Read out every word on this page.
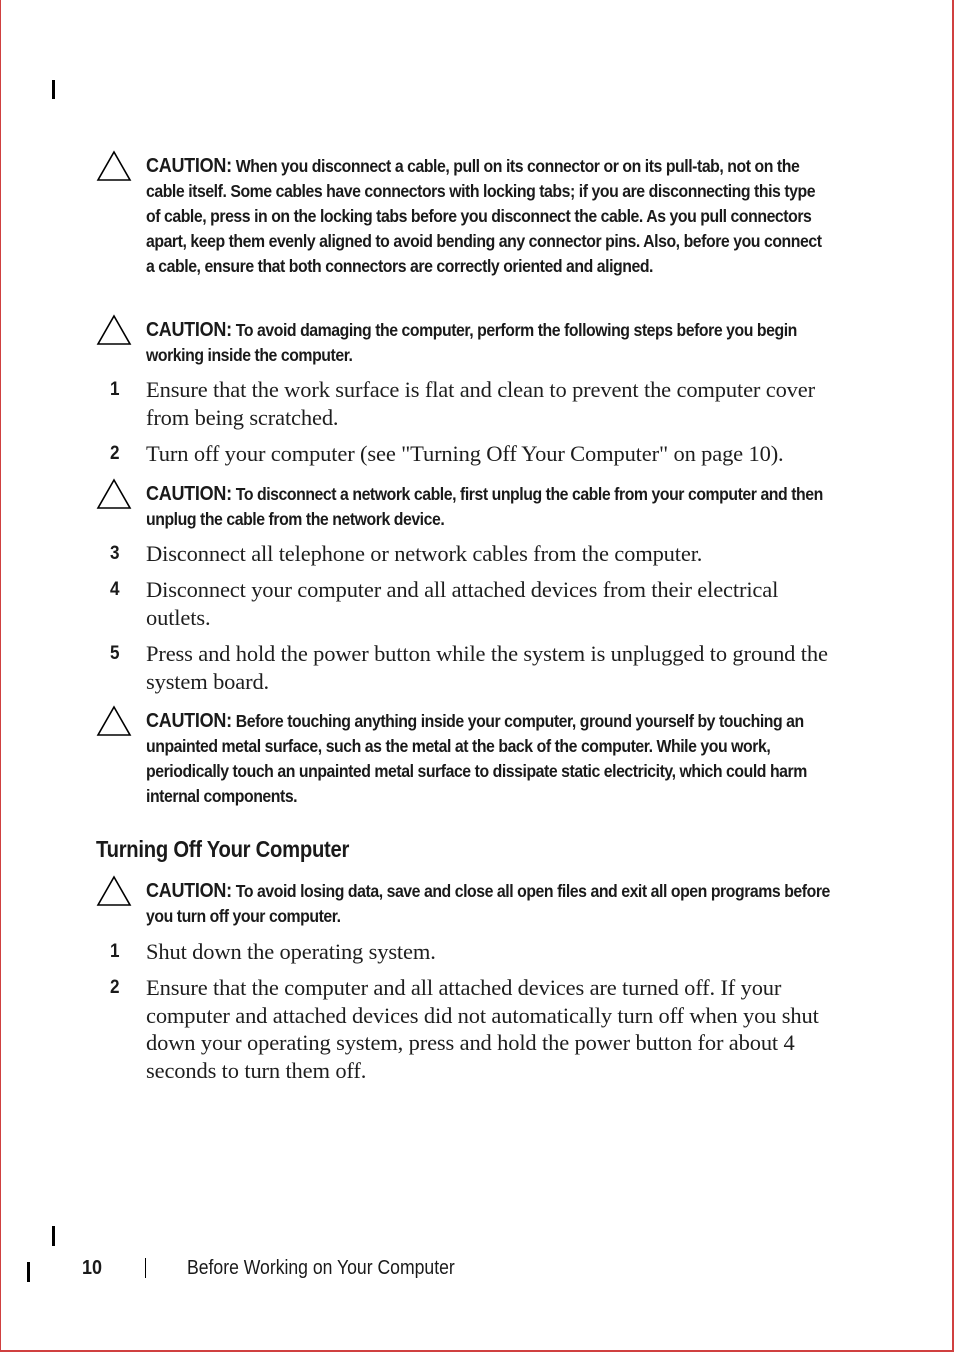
CAUTION: When you disconnect a cable, pull on its connector or on its pull-tab, not on the cable itself. Some cables have connectors with locking tabs; if you are disconnecting this type of cable, press in on the locking tabs before you disconnect the cable. As you pull connectors apart, keep them evenly aligned to avoid bending any connector pins. Also, before you connect a cable, ensure that both connectors are correctly oriented and aligned.

CAUTION: To avoid damaging the computer, perform the following steps before you begin working inside the computer.

1	Ensure that the work surface is flat and clean to prevent the computer cover from being scratched.
2	Turn off your computer (see "Turning Off Your Computer" on page 10).

CAUTION: To disconnect a network cable, first unplug the cable from your computer and then unplug the cable from the network device.

3	Disconnect all telephone or network cables from the computer.
4	Disconnect your computer and all attached devices from their electrical outlets.
5	Press and hold the power button while the system is unplugged to ground the system board.

CAUTION: Before touching anything inside your computer, ground yourself by touching an unpainted metal surface, such as the metal at the back of the computer. While you work, periodically touch an unpainted metal surface to dissipate static electricity, which could harm internal components.

Turning Off Your Computer

CAUTION: To avoid losing data, save and close all open files and exit all open programs before you turn off your computer.

1	Shut down the operating system.
2	Ensure that the computer and all attached devices are turned off. If your computer and attached devices did not automatically turn off when you shut down your operating system, press and hold the power button for about 4 seconds to turn them off.
10	Before Working on Your Computer
